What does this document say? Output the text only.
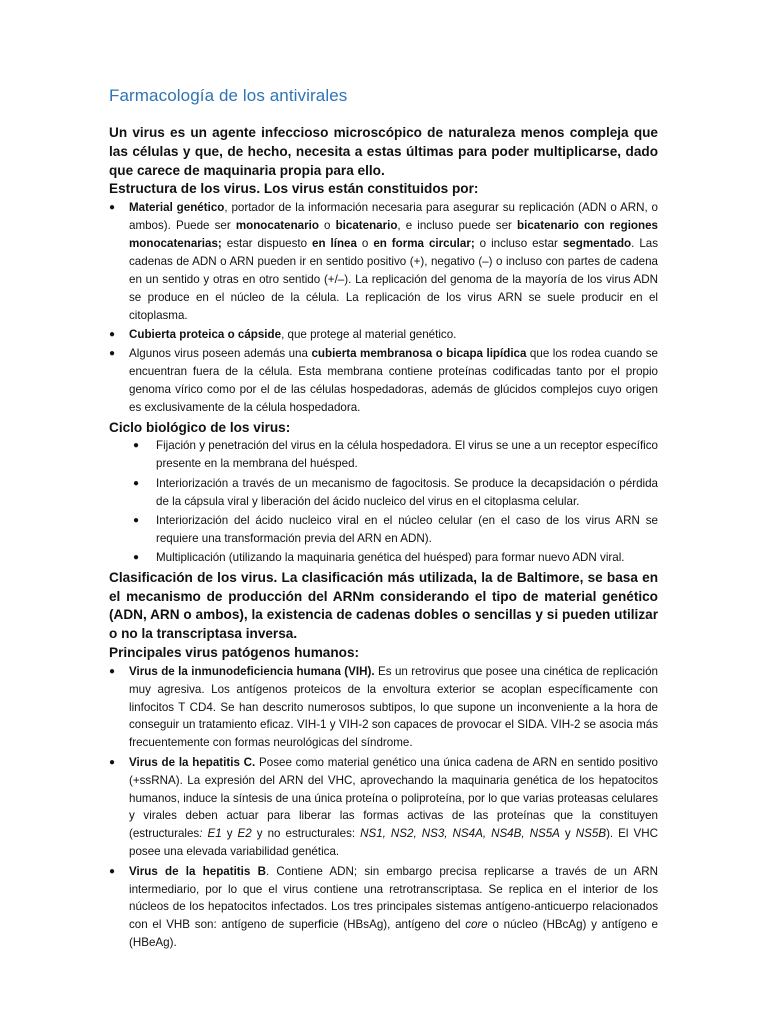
Farmacología de los antivirales

Un virus es un agente infeccioso microscópico de naturaleza menos compleja que las células y que, de hecho, necesita a estas últimas para poder multiplicarse, dado que carece de maquinaria propia para ello.

Estructura de los virus. Los virus están constituidos por:

● Material genético, portador de la información necesaria para asegurar su replicación (ADN o ARN, o ambos). Puede ser monocatenario o bicatenario, e incluso puede ser bicatenario con regiones monocatenarias; estar dispuesto en línea o en forma circular; o incluso estar segmentado. Las cadenas de ADN o ARN pueden ir en sentido positivo (+), negativo (–) o incluso con partes de cadena en un sentido y otras en otro sentido (+/–). La replicación del genoma de la mayoría de los virus ADN se produce en el núcleo de la célula. La replicación de los virus ARN se suele producir en el citoplasma.
● Cubierta proteica o cápside, que protege al material genético.
● Algunos virus poseen además una cubierta membranosa o bicapa lipídica que los rodea cuando se encuentran fuera de la célula. Esta membrana contiene proteínas codificadas tanto por el propio genoma vírico como por el de las células hospedadoras, además de glúcidos complejos cuyo origen es exclusivamente de la célula hospedadora.

Ciclo biológico de los virus:

● Fijación y penetración del virus en la célula hospedadora. El virus se une a un receptor específico presente en la membrana del huésped.
● Interiorización a través de un mecanismo de fagocitosis. Se produce la decapsidación o pérdida de la cápsula viral y liberación del ácido nucleico del virus en el citoplasma celular.
● Interiorización del ácido nucleico viral en el núcleo celular (en el caso de los virus ARN se requiere una transformación previa del ARN en ADN).
● Multiplicación (utilizando la maquinaria genética del huésped) para formar nuevo ADN viral.

Clasificación de los virus. La clasificación más utilizada, la de Baltimore, se basa en el mecanismo de producción del ARNm considerando el tipo de material genético (ADN, ARN o ambos), la existencia de cadenas dobles o sencillas y si pueden utilizar o no la transcriptasa inversa.

Principales virus patógenos humanos:

● Virus de la inmunodeficiencia humana (VIH). Es un retrovirus que posee una cinética de replicación muy agresiva. Los antígenos proteicos de la envoltura exterior se acoplan específicamente con linfocitos T CD4. Se han descrito numerosos subtipos, lo que supone un inconveniente a la hora de conseguir un tratamiento eficaz. VIH-1 y VIH-2 son capaces de provocar el SIDA. VIH-2 se asocia más frecuentemente con formas neurológicas del síndrome.
● Virus de la hepatitis C. Posee como material genético una única cadena de ARN en sentido positivo (+ssRNA). La expresión del ARN del VHC, aprovechando la maquinaria genética de los hepatocitos humanos, induce la síntesis de una única proteína o poliproteína, por lo que varias proteasas celulares y virales deben actuar para liberar las formas activas de las proteínas que la constituyen (estructurales: E1 y E2 y no estructurales: NS1, NS2, NS3, NS4A, NS4B, NS5A y NS5B). El VHC posee una elevada variabilidad genética.
● Virus de la hepatitis B. Contiene ADN; sin embargo precisa replicarse a través de un ARN intermediario, por lo que el virus contiene una retrotranscriptasa. Se replica en el interior de los núcleos de los hepatocitos infectados. Los tres principales sistemas antígeno-anticuerpo relacionados con el VHB son: antígeno de superficie (HBsAg), antígeno del core o núcleo (HBcAg) y antígeno e (HBeAg).
